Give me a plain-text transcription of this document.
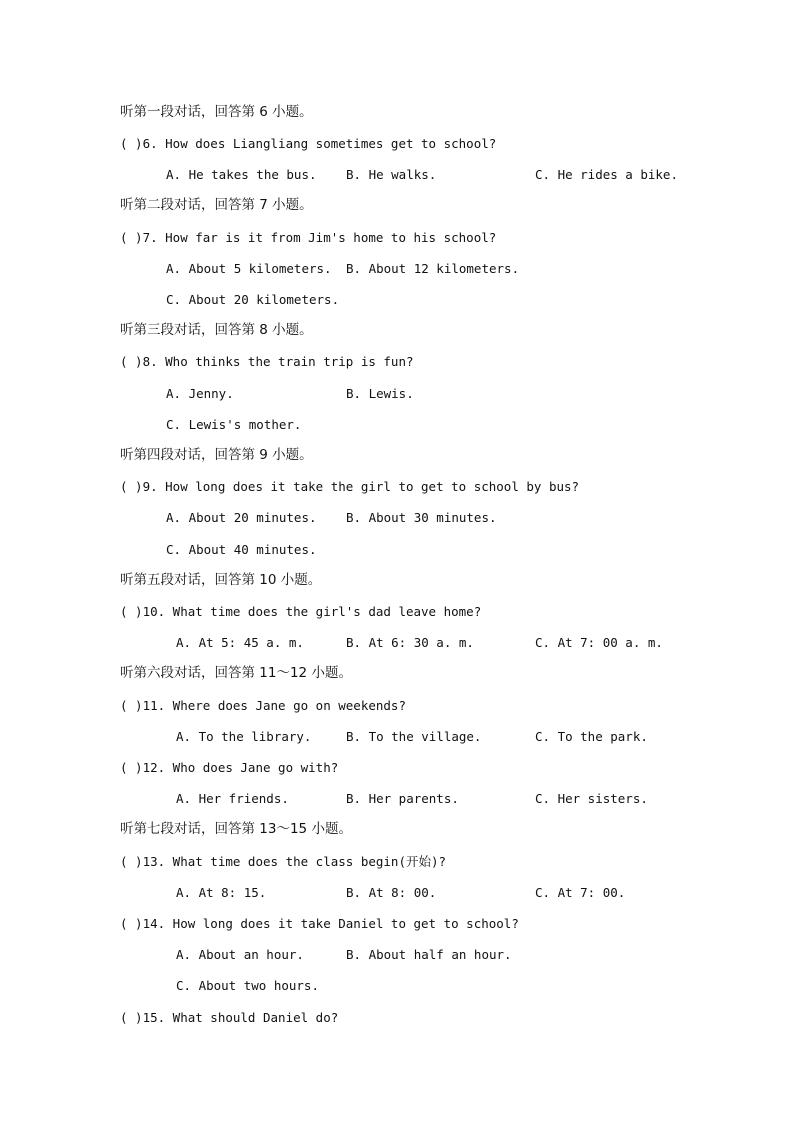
听第一段对话，回答第 6 小题。
( )6. How does Liangliang sometimes get to school?
A. He takes the bus. B. He walks.	C. He rides a bike.
听第二段对话，回答第 7 小题。
( )7. How far is it from Jim's home to his school?
A. About 5 kilometers. B. About 12 kilometers.
C. About 20 kilometers.
听第三段对话，回答第 8 小题。
( )8. Who thinks the train trip is fun?
A. Jenny.	B. Lewis.
C. Lewis's mother.
听第四段对话，回答第 9 小题。
( )9. How long does it take the girl to get to school by bus?
A. About 20 minutes. B. About 30 minutes.
C. About 40 minutes.
听第五段对话，回答第 10 小题。
( )10. What time does the girl's dad leave home?
A. At 5: 45 a. m.	B. At 6: 30 a. m.	C. At 7: 00 a. m.
听第六段对话，回答第 11～12 小题。
( )11. Where does Jane go on weekends?
A. To the library.	B. To the village.	C. To the park.
( )12. Who does Jane go with?
A. Her friends.	B. Her parents.	C. Her sisters.
听第七段对话，回答第 13～15 小题。
( )13. What time does the class begin(开始)?
A. At 8: 15.	B. At 8: 00.	C. At 7: 00.
( )14. How long does it take Daniel to get to school?
A. About an hour.	B. About half an hour.
C. About two hours.
( )15. What should Daniel do?
